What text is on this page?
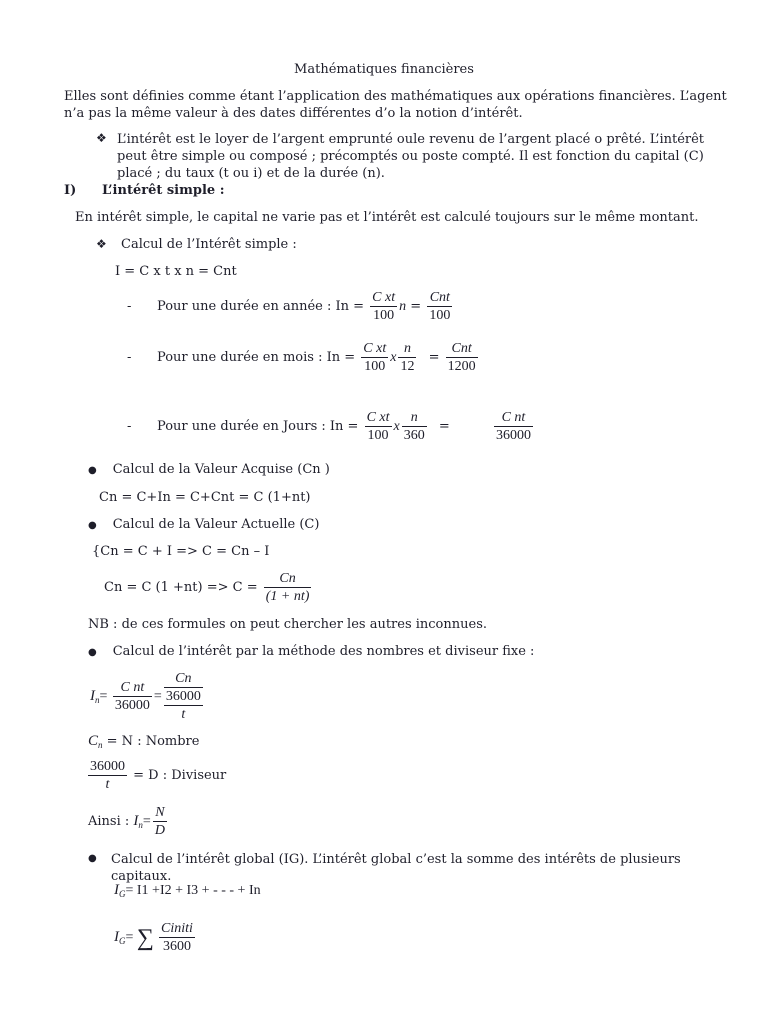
Mathématiques financières
Elles sont définies comme étant l’application des mathématiques aux opérations financières. L’agent n’a pas la même valeur à des dates différentes d’o la notion d’intérêt.
❖ L’intérêt est le loyer de l’argent emprunté oule revenu de l’argent placé o prêté. L’intérêt peut être simple ou composé ; précomptés ou poste compté. Il est fonction du capital (C) placé ; du taux (t ou i) et de la durée (n).
I) L’intérêt simple :
En intérêt simple, le capital ne varie pas et l’intérêt est calculé toujours sur le même montant.
❖ Calcul de l’Intérêt simple :
I = C x t x n = Cnt
- Pour une durée en année : $In = \frac{\text{C xt}}{100}$ $n = \frac{\text{Cnt}}{100}$
- Pour une durée en mois : $In = \frac{\text{C xt}}{100}$ x $\frac{n}{12} = \frac{\text{Cnt}}{1200}$
- Pour une durée en Jours : $In = \frac{\text{C xt}}{100}$ x $\frac{n}{360}$ =	$\frac{\text{C nt}}{36000}$
● Calcul de la Valeur Acquise (Cn )
Cn = C+In = C+Cnt = C (1+nt)
● Calcul de la Valeur Actuelle (C)
{Cn = C + I => C = Cn – I
Cn = C $(1 +nt) => C = \frac{Cn}{(1 + nt)}$
NB : de ces formules on peut chercher les autres inconnues.
● Calcul de l’intérêt par la méthode des nombres et diviseur fixe :
$I_n= \frac{\text{C nt}}{36000}$ =
Cn
36000
t
$C_n = N$ : Nombre
$\frac{36000}{t} = D$ : Diviseur
Ainsi : $I_n= \frac{N}{D}$
● Calcul de l’intérêt global (IG). L’intérêt global c’est la somme des intérêts de plusieurs capitaux.
$I_G= I1 +I2 + I3$ + - - - + In
$I_G=$ ∑ $\frac{\text{Ciniti}}{3600}$
